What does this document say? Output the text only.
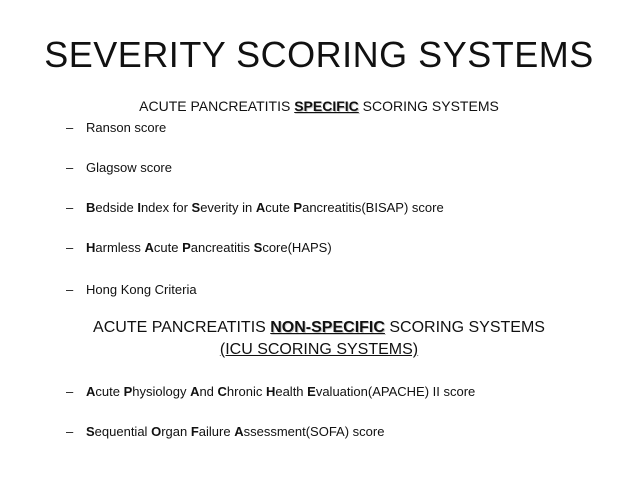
SEVERITY SCORING SYSTEMS
ACUTE PANCREATITIS SPECIFIC SCORING SYSTEMS
– Ranson score
– Glagsow score
– Bedside Index for Severity in Acute Pancreatitis(BISAP) score
– Harmless Acute Pancreatitis Score(HAPS)
– Hong Kong Criteria
ACUTE PANCREATITIS NON-SPECIFIC SCORING SYSTEMS
(ICU SCORING SYSTEMS)
– Acute Physiology And Chronic Health Evaluation(APACHE) II score
– Sequential Organ Failure Assessment(SOFA) score
